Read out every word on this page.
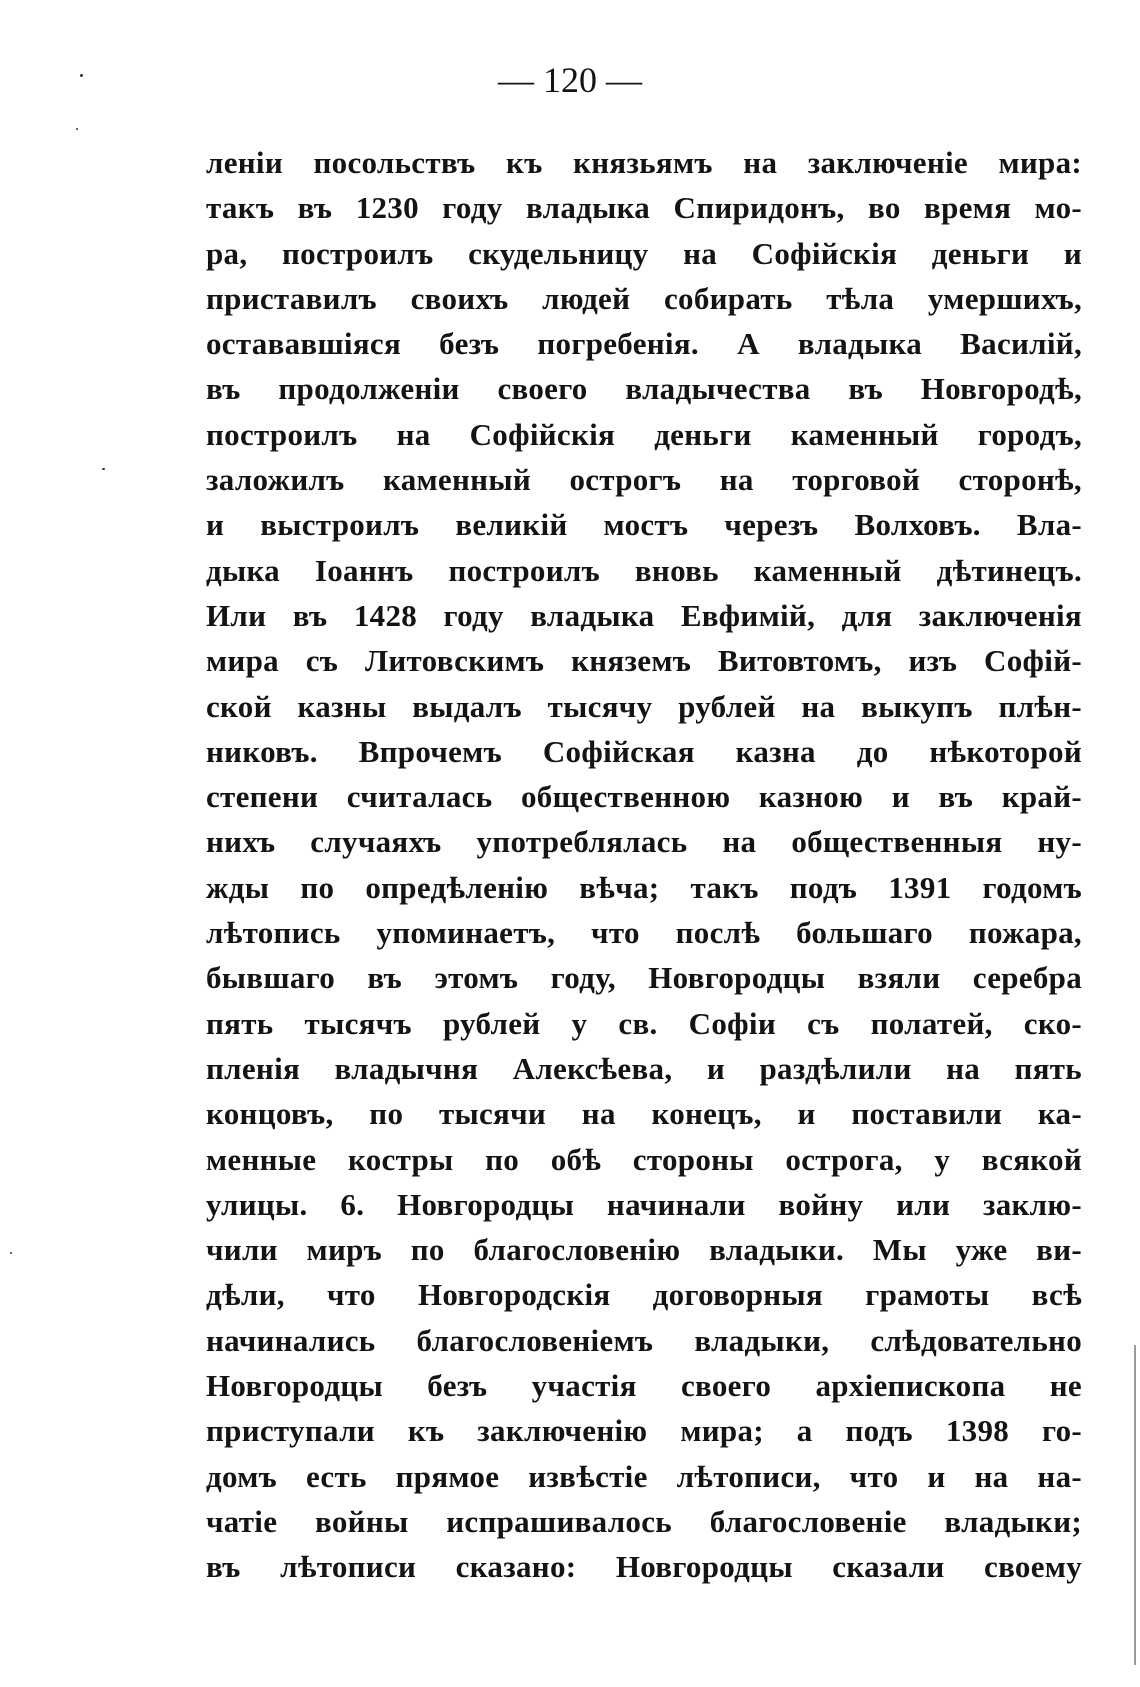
— 120 —
леніи посольствъ къ князьямъ на заключеніе мира:
такъ въ 1230 году владыка Спиридонъ, во время мо-
ра, построилъ скудельницу на Софійскія деньги и
приставилъ своихъ людей собирать тѣла умершихъ,
остававшіяся безъ погребенія. А владыка Василій,
въ продолженіи своего владычества въ Новгородѣ,
построилъ на Софійскія деньги каменный городъ,
заложилъ каменный острогъ на торговой сторонѣ,
и выстроилъ великій мостъ черезъ Волховъ. Вла-
дыка Іоаннъ построилъ вновь каменный дѣтинецъ.
Или въ 1428 году владыка Евфимій, для заключенія
мира съ Литовскимъ княземъ Витовтомъ, изъ Софій-
ской казны выдалъ тысячу рублей на выкупъ плѣн-
никовъ. Впрочемъ Софійская казна до нѣкоторой
степени считалась общественною казною и въ край-
нихъ случаяхъ употреблялась на общественныя ну-
жды по опредѣленію вѣча; такъ подъ 1391 годомъ
лѣтопись упоминаетъ, что послѣ большаго пожара,
бывшаго въ этомъ году, Новгородцы взяли серебра
пять тысячъ рублей у св. Софіи съ полатей, ско-
пленія владычня Алексѣева, и раздѣлили на пять
концовъ, по тысячи на конецъ, и поставили ка-
менные костры по обѣ стороны острога, у всякой
улицы. 6. Новгородцы начинали войну или заклю-
чили миръ по благословенію владыки. Мы уже ви-
дѣли, что Новгородскія договорныя грамоты всѣ
начинались благословеніемъ владыки, слѣдовательно
Новгородцы безъ участія своего архіепископа не
приступали къ заключенію мира; а подъ 1398 го-
домъ есть прямое извѣстіе лѣтописи, что и на на-
чатіе войны испрашивалось благословеніе владыки;
въ лѣтописи сказано: Новгородцы сказали своему
